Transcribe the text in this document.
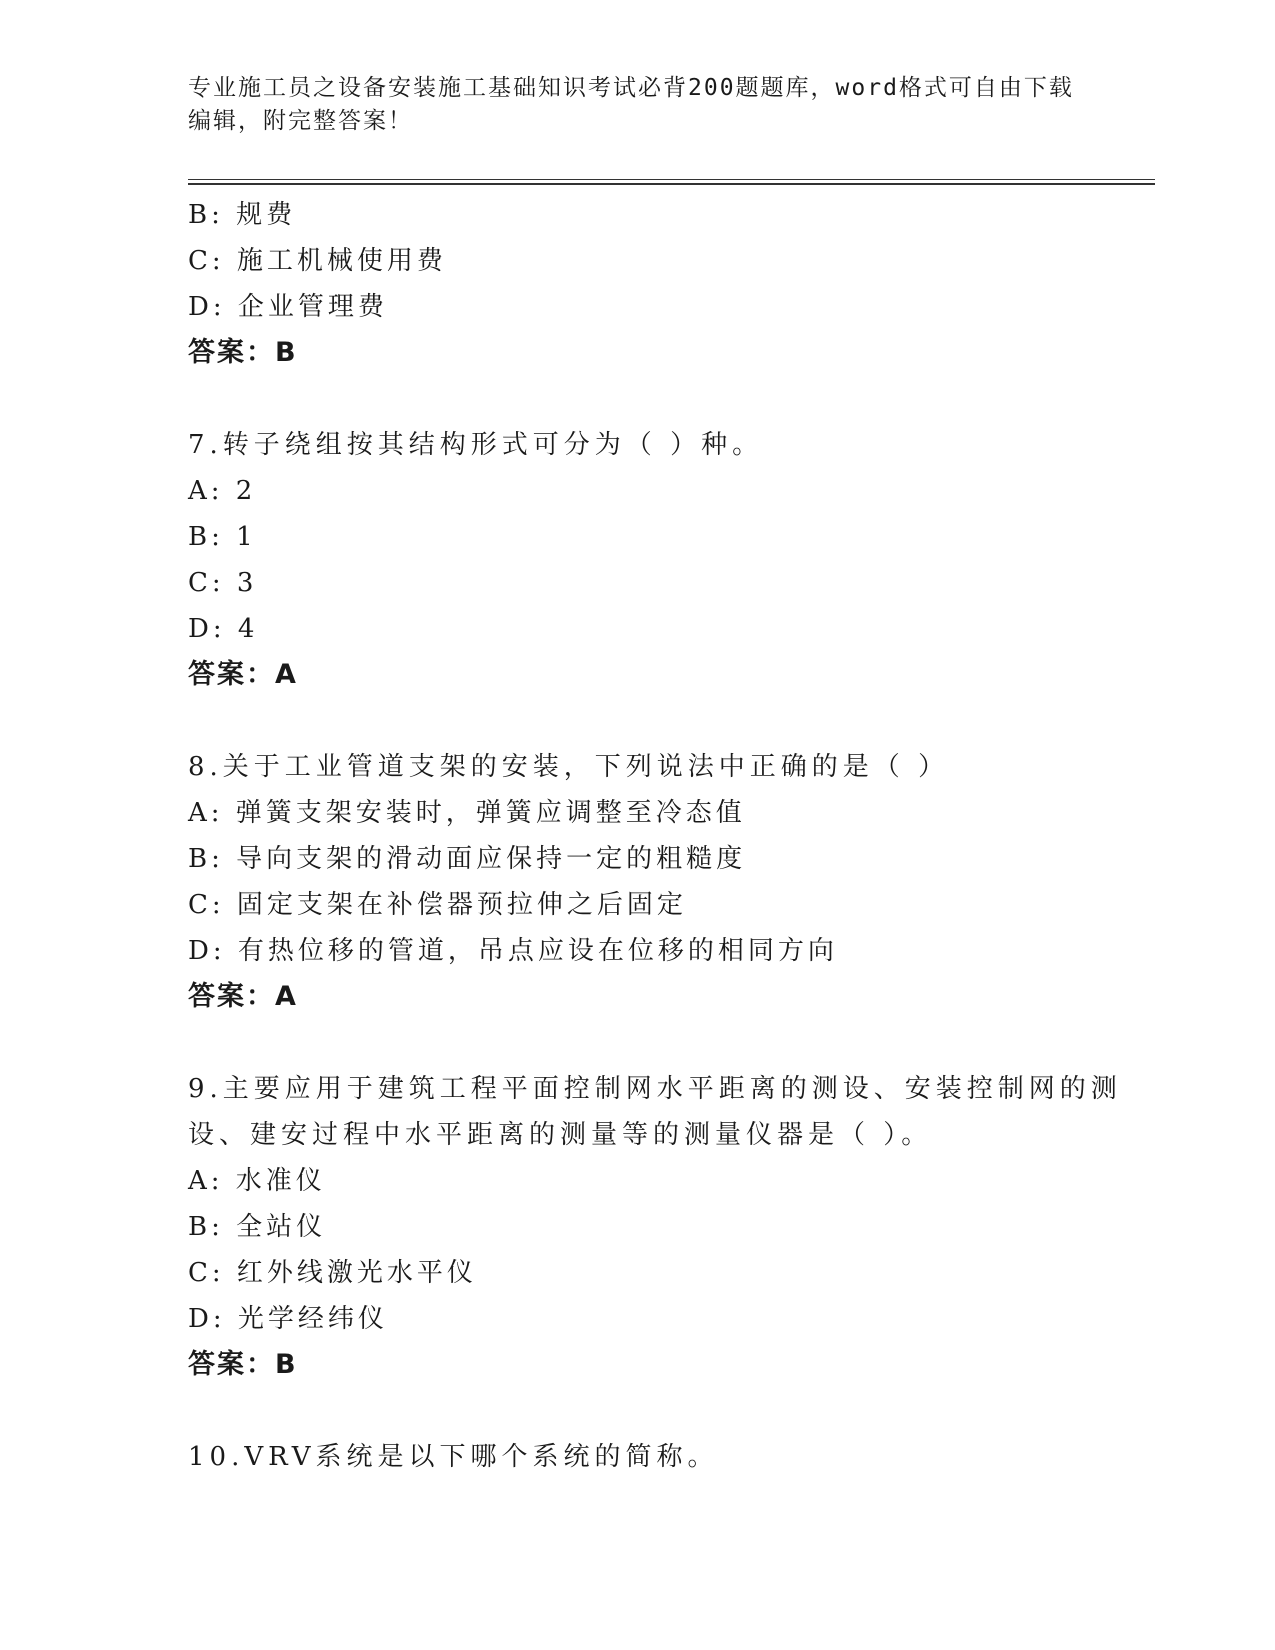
专业施工员之设备安装施工基础知识考试必背200题题库，word格式可自由下载
编辑，附完整答案！
B: 规费
C: 施工机械使用费
D: 企业管理费
答案：B
7.转子绕组按其结构形式可分为（ ）种。
A: 2
B: 1
C: 3
D: 4
答案：A
8.关于工业管道支架的安装，下列说法中正确的是（ ）
A: 弹簧支架安装时，弹簧应调整至冷态值
B: 导向支架的滑动面应保持一定的粗糙度
C: 固定支架在补偿器预拉伸之后固定
D: 有热位移的管道，吊点应设在位移的相同方向
答案：A
9.主要应用于建筑工程平面控制网水平距离的测设、安装控制网的测
设、建安过程中水平距离的测量等的测量仪器是（ ）。
A: 水准仪
B: 全站仪
C: 红外线激光水平仪
D: 光学经纬仪
答案：B
10.VRV系统是以下哪个系统的简称。
